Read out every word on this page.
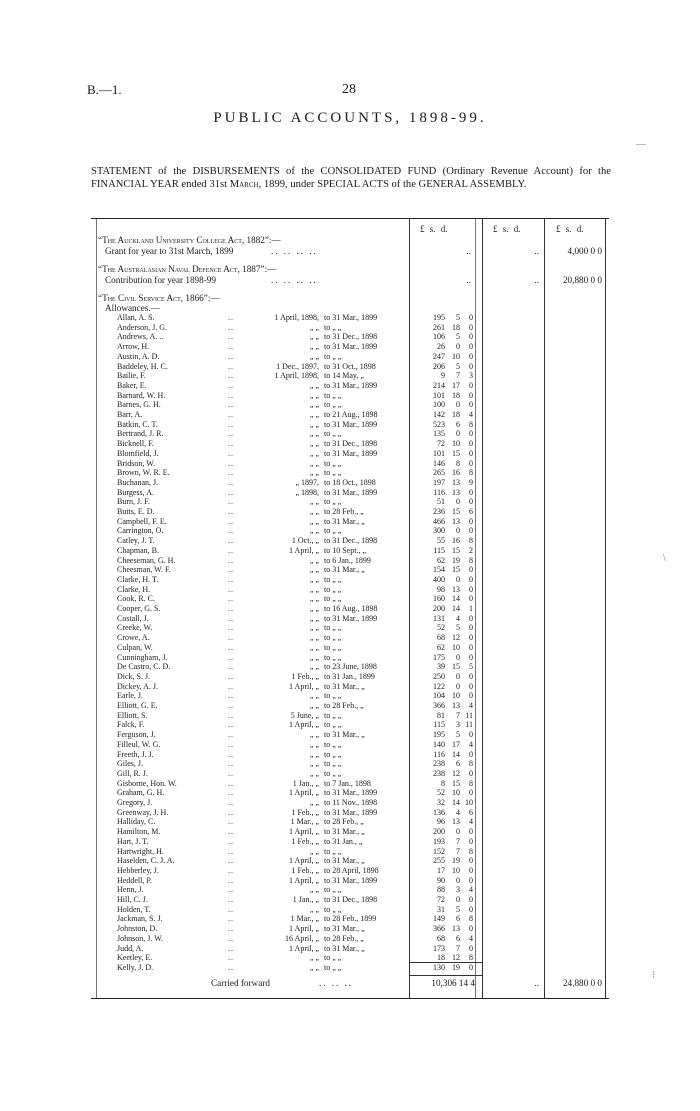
B.—1.	28
PUBLIC ACCOUNTS, 1898-99.
STATEMENT of the DISBURSEMENTS of the CONSOLIDATED FUND (Ordinary Revenue Account) for the FINANCIAL YEAR ended 31st March, 1899, under SPECIAL ACTS of the GENERAL ASSEMBLY.
£ s. d.	£ s. d.	£ s. d.
“The Auckland University College Act, 1882”:—
Grant for year to 31st March, 1899	.. .. .. ..	..	..	4,000 0 0
“The Australasian Naval Defence Act, 1887”:—
Contribution for year 1898-99	.. .. .. ..	..	..	20,880 0 0
“The Civil Service Act, 1866”:—
Allowances.—
Allan, A. S.	1 April, 1898, to 31 Mar., 1899	195	5	0
..
Anderson, J. G.	„ „ to „ „	261 18	0
..
Andrews, A. ..	„ „ to 31 Dec., 1898	106	5	0
..
Arrow, H.	„ „ to 31 Mar., 1899	26	0	0
..
Austin, A. D.	„ „ to „ „	247 10	0
..
Baddeley, H. C.	1 Dec., 1897, to 31 Oct., 1898	206	5	0
..
Bailie, F.	1 April, 1898, to 14 May, „	9	7	3
..
Baker, E.	„ „ to 31 Mar., 1899	214 17	0
..
Barnard, W. H.	„ „ to „ „	101 18	0
..
Barnes, G. H.	„ „ to „ „	100	0	0
..
Barr, A.	„ „ to 21 Aug., 1898	142 18	4
..
Batkin, C. T.	„ „ to 31 Mar., 1899	523	6	8
..
Bertrand, J. R.	„ „ to „ „	135	0	0
..
Bicknell, F.	„ „ to 31 Dec., 1898	72 10	0
..
Blomfield, J.	„ „ to 31 Mar., 1899	101 15	0
..
Bridson, W.	„ „ to „ „	146	8	0
..
Brown, W. R. E.	„ „ to „ „	265 16	8
..
Buchanan, J.	„ 1897, to 18 Oct., 1898	197 13	9
..
Burgess, A.	„ 1898, to 31 Mar., 1899	116 13	0
..
Burn, J. F.	„ „ to „ „	51	0	0
..
Butts, E. D.	„ „ to 28 Feb., „	236 15	6
..
Campbell, F. E.	„ „ to 31 Mar., „	466 13	0
..
Carrington, O.	„ „ to „ „	300	0	0
..
Catley, J. T.	1 Oct., „ to 31 Dec., 1898	55 16	8
..
Chapman, B.	1 April, „ to 10 Sept., „	115 15	2
..
Cheeseman, G. H.	„ „ to 6 Jan., 1899	62 19	8
..
Cheesman, W. F.	„ „ to 31 Mar., „	154 15	0
..
Clarke, H. T.	„ „ to „ „	400	0	0
..
Clarke, H.	„ „ to „ „	98 13	0
..
Cook, R. C.	„ „ to „ „	160 14	0
..
Cooper, G. S.	„ „ to 16 Aug., 1898	200 14	1
..
Costall, J.	„ „ to 31 Mar., 1899	131	4	0
..
Creeke, W.	„ „ to „ „	52	5	0
..
Crowe, A.	„ „ to „ „	68 12	0
..
Culpan, W.	„ „ to „ „	62 10	0
..
Cunningham, J.	„ „ to „ „	175	0	0
..
De Castro, C. D.	„ „ to 23 June, 1898	39 15	5
..
Dick, S. J.	1 Feb., „ to 31 Jan., 1899	250	0	0
..
Dickey, A. J.	1 April, „ to 31 Mar., „	122	0	0
..
Earle, J.	„ „ to „ „	104 10	0
..
Elliott, G. E.	„ „ to 28 Feb., „	366 13	4
..
Elliott, S.	5 June, „ to „ „	81	7 11
..
Falck, F.	1 April, „ to „ „	115	3 11
..
Ferguson, J.	„ „ to 31 Mar., „	195	5	0
..
Filleul, W. G.	„ „ to „ „	140 17	4
..
Freeth, J. J.	„ „ to „ „	116 14	0
..
Giles, J.	„ „ to „ „	238	6	8
..
Gill, R. J.	„ „ to „ „	238 12	0
..
Gisborne, Hon. W.	1 Jan., „ to 7 Jan., 1898	8 15	8
..
Graham, G. H.	1 April, „ to 31 Mar., 1899	52 10	0
..
Gregory, J.	„ „ to 11 Nov., 1898	32 14 10
..
Greenway, J. H.	1 Feb., „ to 31 Mar., 1899	136	4	6
..
Halliday, C.	1 Mar., „ to 28 Feb., „	96 13	4
..
Hamilton, M.	1 April, „ to 31 Mar., „	200	0	0
..
Hart, J. T.	1 Feb., „ to 31 Jan., „	193	7	0
..
Hartwright, H.	„ „ to „ „	152	7	8
..
Haselden, C. J. A.	1 April, „ to 31 Mar., „	255 19	0
..
Hebberley, J.	1 Feb., „ to 28 April, 1898	17 10	0
..
Heddell, P.	1 April, „ to 31 Mar., 1899	90	0	0
..
Henn, J.	„ „ to „ „	88	3	4
..
Hill, C. J.	1 Jan., „ to 31 Dec., 1898	72	0	0
..
Holden, T.	„ „ to „ „	31	5	0
..
Jackman, S. J.	1 Mar., „ to 28 Feb., 1899	149	6	8
..
Johnston, D.	1 April, „ to 31 Mar., „	366 13	0
..
Johnson, J. W.	16 April, „ to 28 Feb., „	68	6	4
..
Judd, A.	1 April, „ to 31 Mar., „	173	7	0
..
Keetley, E.	„ „ to „ „	18 12	8
..
Kelly, J. D.	„ „ to „ „	130 19	0
..
Carried forward	.. .. ..	10,306 14 4	..	24,880 0 0
—
\
⁝
